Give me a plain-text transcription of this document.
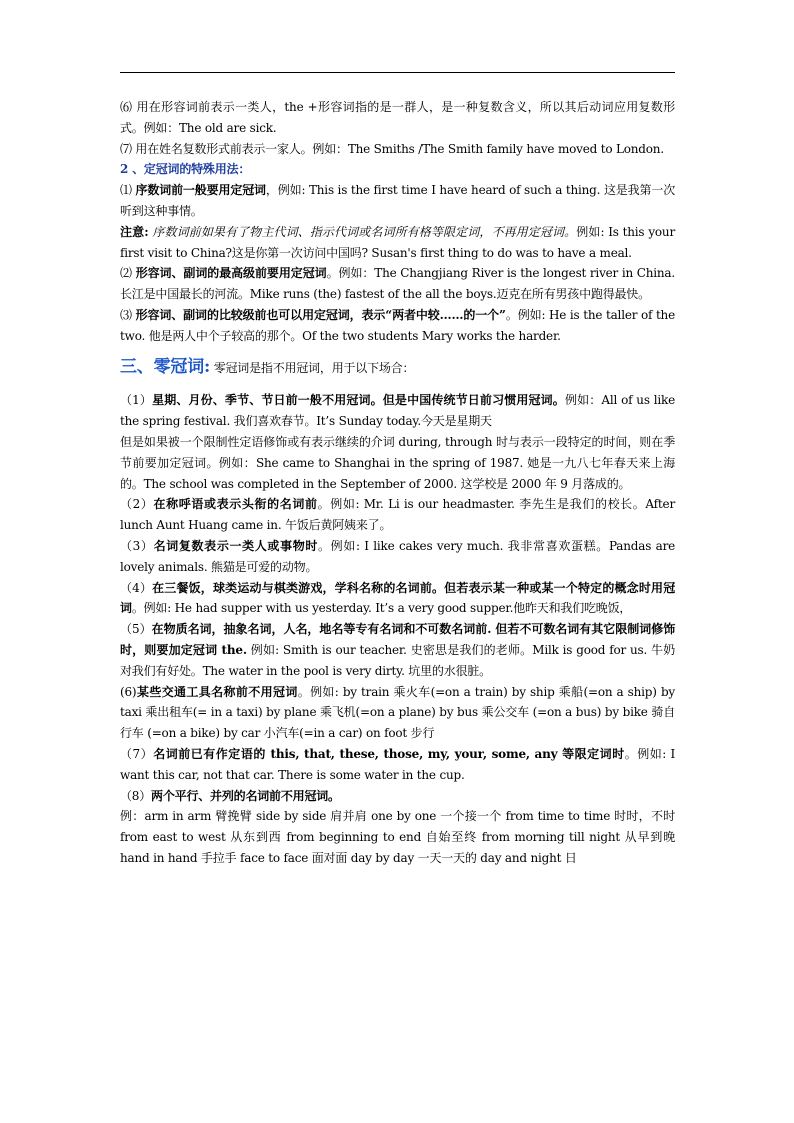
⑹ 用在形容词前表示一类人，the +形容词指的是一群人，是一种复数含义，所以其后动词应用复数形式。例如：The old are sick.

⑺ 用在姓名复数形式前表示一家人。例如：The Smiths /The Smith family have moved to London.

2 、定冠词的特殊用法：

⑴ 序数词前一般要用定冠词，例如: This is the first time I have heard of such a thing. 这是我第一次听到这种事情。

注意: 序数词前如果有了物主代词、指示代词或名词所有格等限定词，不再用定冠词。例如: Is this your first visit to China?这是你第一次访问中国吗? Susan's first thing to do was to have a meal.

⑵ 形容词、副词的最高级前要用定冠词。例如：The Changjiang River is the longest river in China. 长江是中国最长的河流。Mike runs (the) fastest of the all the boys.迈克在所有男孩中跑得最快。

⑶ 形容词、副词的比较级前也可以用定冠词，表示“两者中较……的一个”。例如: He is the taller of the two. 他是两人中个子较高的那个。Of the two students Mary works the harder.

三、零冠词: 零冠词是指不用冠词，用于以下场合：

（1）星期、月份、季节、节日前一般不用冠词。但是中国传统节日前习惯用冠词。例如：All of us like the spring festival. 我们喜欢春节。It’s Sunday today.今天是星期天

但是如果被一个限制性定语修饰或有表示继续的介词 during, through 时与表示一段特定的时间，则在季节前要加定冠词。例如：She came to Shanghai in the spring of 1987. 她是一九八七年春天来上海的。The school was completed in the September of 2000. 这学校是 2000 年 9 月落成的。

（2）在称呼语或表示头衔的名词前。例如: Mr. Li is our headmaster. 李先生是我们的校长。After lunch Aunt Huang came in. 午饭后黄阿姨来了。

（3）名词复数表示一类人或事物时。例如: I like cakes very much. 我非常喜欢蛋糕。Pandas are lovely animals. 熊猫是可爱的动物。

（4）在三餐饭，球类运动与棋类游戏，学科名称的名词前。但若表示某一种或某一个特定的概念时用冠词。例如: He had supper with us yesterday. It’s a very good supper.他昨天和我们吃晚饭，

（5）在物质名词，抽象名词，人名，地名等专有名词和不可数名词前. 但若不可数名词有其它限制词修饰时，则要加定冠词 the. 例如: Smith is our teacher. 史密思是我们的老师。Milk is good for us. 牛奶对我们有好处。The water in the pool is very dirty. 坑里的水很脏。

(6)某些交通工具名称前不用冠词。例如: by train 乘火车(=on a train) by ship 乘船(=on a ship) by taxi 乘出租车(= in a taxi) by plane 乘飞机(=on a plane) by bus 乘公交车 (=on a bus) by bike 骑自行车 (=on a bike) by car 小汽车(=in a car) on foot 步行

（7）名词前已有作定语的 this, that, these, those, my, your, some, any 等限定词时。例如: I want this car, not that car. There is some water in the cup.

（8）两个平行、并列的名词前不用冠词。

例：arm in arm 臂挽臂 side by side 肩并肩 one by one 一个接一个 from time to time 时时，不时 from east to west 从东到西 from beginning to end 自始至终 from morning till night 从早到晚 hand in hand 手拉手 face to face 面对面 day by day 一天一天的 day and night 日
